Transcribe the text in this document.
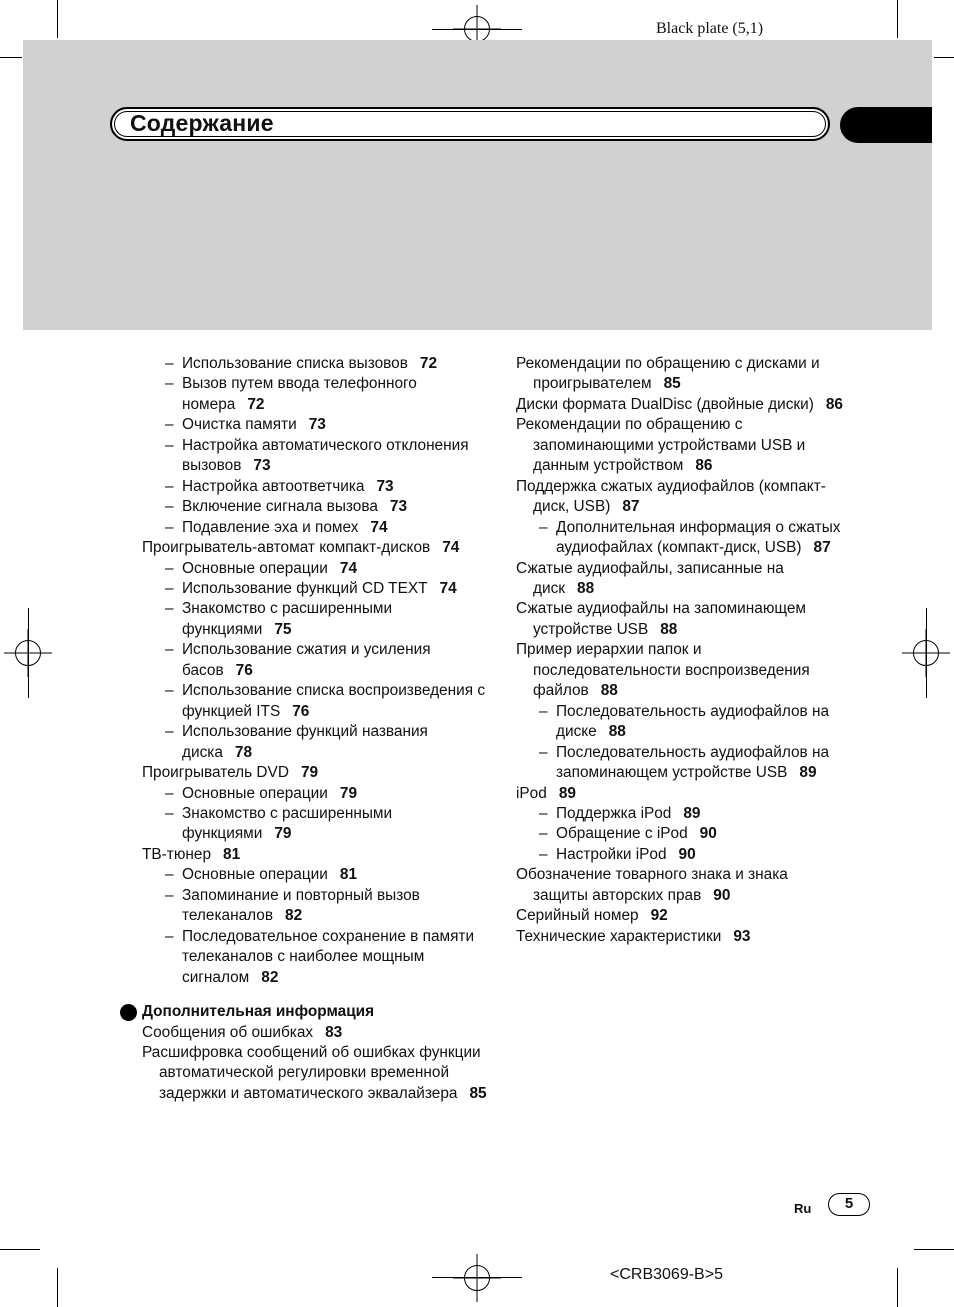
Black plate (5,1)
Содержание
– Использование списка вызовов 72
– Вызов путем ввода телефонного номера 72
– Очистка памяти 73
– Настройка автоматического отклонения вызовов 73
– Настройка автоответчика 73
– Включение сигнала вызова 73
– Подавление эха и помех 74
Проигрыватель-автомат компакт-дисков 74
– Основные операции 74
– Использование функций CD TEXT 74
– Знакомство с расширенными функциями 75
– Использование сжатия и усиления басов 76
– Использование списка воспроизведения с функцией ITS 76
– Использование функций названия диска 78
Проигрыватель DVD 79
– Основные операции 79
– Знакомство с расширенными функциями 79
ТВ-тюнер 81
– Основные операции 81
– Запоминание и повторный вызов телеканалов 82
– Последовательное сохранение в памяти телеканалов с наиболее мощным сигналом 82
Дополнительная информация
Сообщения об ошибках 83
Расшифровка сообщений об ошибках функции автоматической регулировки временной задержки и автоматического эквалайзера 85
Рекомендации по обращению с дисками и проигрывателем 85
Диски формата DualDisc (двойные диски) 86
Рекомендации по обращению с запоминающими устройствами USB и данным устройством 86
Поддержка сжатых аудиофайлов (компакт-диск, USB) 87
– Дополнительная информация о сжатых аудиофайлах (компакт-диск, USB) 87
Сжатые аудиофайлы, записанные на диск 88
Сжатые аудиофайлы на запоминающем устройстве USB 88
Пример иерархии папок и последовательности воспроизведения файлов 88
– Последовательность аудиофайлов на диске 88
– Последовательность аудиофайлов на запоминающем устройстве USB 89
iPod 89
– Поддержка iPod 89
– Обращение с iPod 90
– Настройки iPod 90
Обозначение товарного знака и знака защиты авторских прав 90
Серийный номер 92
Технические характеристики 93
Ru	5
<CRB3069-B>5
